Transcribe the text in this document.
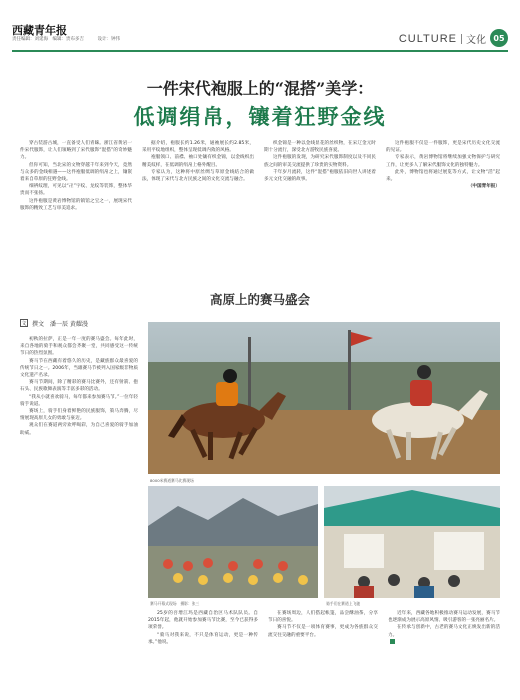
西藏青年报
责任编辑：刘延海　编辑：贵布多吉　　　设计：钟伟	CULTURE 文化 05
一件宋代袍服上的“混搭”美学：
低调绢帛，镶着狂野金线

穿古装游古城，一直备受人们青睐。浙江省黄岩一件宋代服饰，让人们领略到了宋代服饰“混搭”的奇妙魅力。

但你可知，当北宋的文物穿越千年来到今天，竟然与众多的金线相遇——这件袍服低调的绢帛之上，镶嵌着来自草原的狂野金线。

细辨纹理，可见以“卍”字纹、龙纹等装饰，整体华贵而不张扬。

这件袍服是黄岩博物馆的镇馆之宝之一，展现宋代服饰的精致工艺与审美追求。

据介绍，袍服长约1.26米，通袖展长约2.85米，采用平纹地组织，整体呈现低调内敛的风格。

袍服领口、前襟、袖口处镶有织金锦，以金线织出精美纹样，在低调的绢帛上格外醒目。

专家认为，这种将中原丝绸与草原金线结合的做法，体现了宋代与北方民族之间的文化交流与融合。

织金锦是一种以金线显花的丝织物，在宋辽金元时期十分流行，深受北方游牧民族喜爱。

这件袍服的发现，为研究宋代服饰制度以及不同民族之间的审美交流提供了珍贵的实物资料。

千年岁月流转，这件“混搭”袍服依旧向世人讲述着多元文化交融的故事。

这件袍服不仅是一件服饰，更是宋代历史文化交流的见证。

专家表示，黄岩博物馆将继续加强文物保护与研究工作，让更多人了解宋代服饰文化的独特魅力。

此外，博物馆也将通过展览等方式，让文物“活”起来。

（中国青年报）
高原上的赛马盛会
文 撰文　潘一辰 黄耀漫

初秋的拉萨，正是一年一度的赛马盛会。每年此时，来自各地的骑手和观众都会齐聚一堂，共同感受这一传统节日的热烈氛围。

赛马节在西藏有着悠久的历史，是藏族群众最喜爱的传统节日之一。2006年，当雄赛马节被列入国家级非物质文化遗产名录。

赛马节期间，除了精彩的赛马比赛外，还有射箭、抱石头、民族歌舞表演等丰富多彩的活动。

“我从小就喜欢骑马，每年都来参加赛马节。”一位年轻骑手说道。

赛场上，骑手们身着鲜艳的民族服饰，策马奔腾，尽情展现高原儿女的勇敢与豪迈。

观众们在赛道两旁欢呼喝彩，为自己喜爱的骑手加油助威。

8000米赛道赛马比赛现场
赛马开幕式现场　摄影：张三	骑手们在赛道上飞驰

25岁的吾增江玛是西藏自治区马术队队员。自2015年起，他就开始参加赛马节比赛，至今已获得多项荣誉。

“骑马对我来说，不只是体育运动，更是一种传承。”他说。

在赛场周边，人们搭起帐篷，品尝酥油茶，分享节日的喜悦。

赛马节不仅是一项体育赛事，更成为各族群众交流交往交融的重要平台。

近年来，西藏各地积极推动赛马运动发展，赛马节也逐渐成为展示高原风情、吸引游客的一张亮丽名片。

在传承与创新中，古老的赛马文化正焕发出新的活力。
